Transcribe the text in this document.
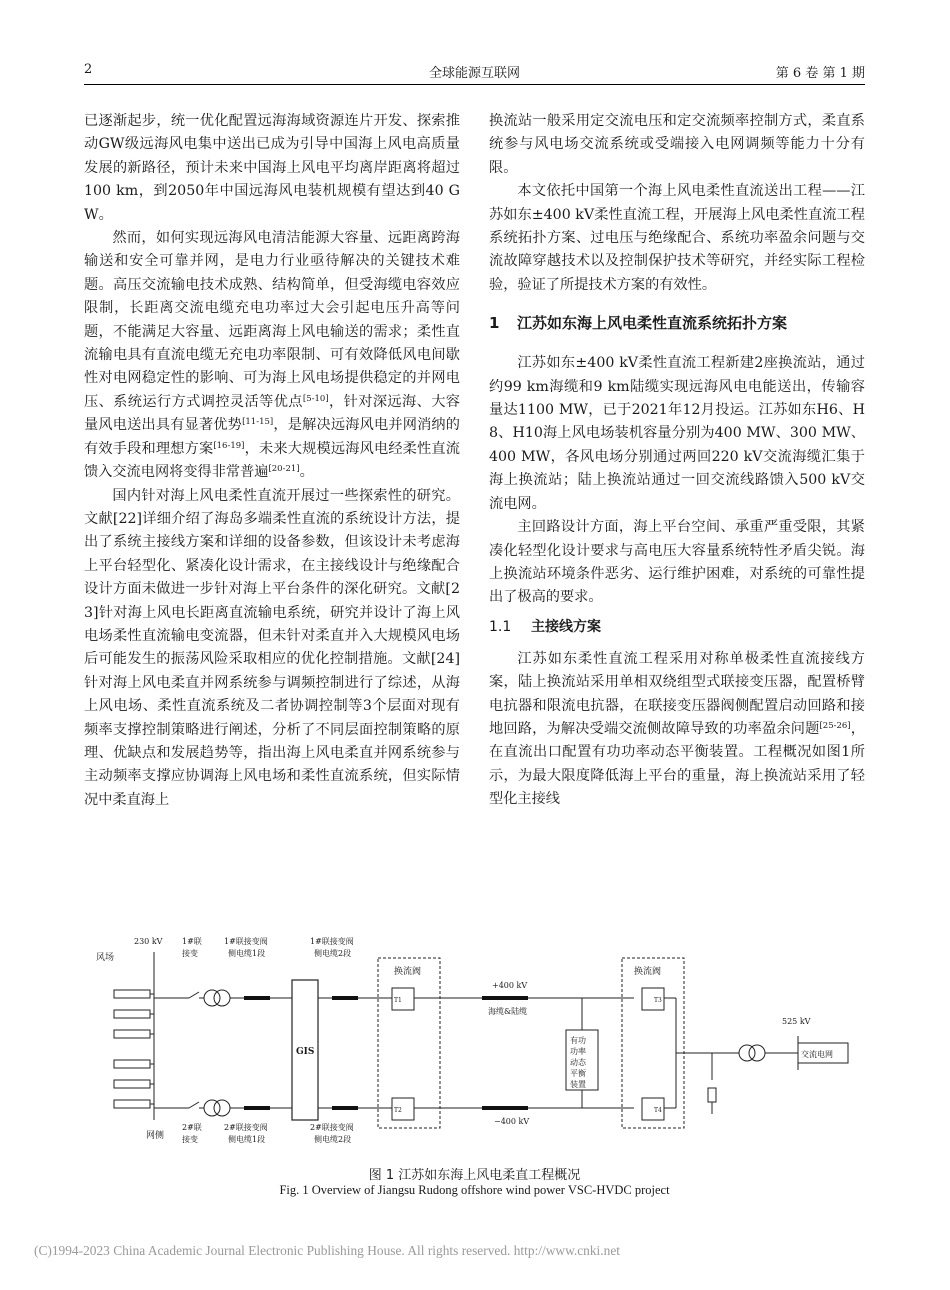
2	全球能源互联网	第 6 卷 第 1 期

已逐渐起步，统一优化配置远海海域资源连片开发、探索推动GW级远海风电集中送出已成为引导中国海上风电高质量发展的新路径，预计未来中国海上风电平均离岸距离将超过100 km，到2050年中国远海风电装机规模有望达到40 GW。

然而，如何实现远海风电清洁能源大容量、远距离跨海输送和安全可靠并网，是电力行业亟待解决的关键技术难题。高压交流输电技术成熟、结构简单，但受海缆电容效应限制，长距离交流电缆充电功率过大会引起电压升高等问题，不能满足大容量、远距离海上风电输送的需求；柔性直流输电具有直流电缆无充电功率限制、可有效降低风电间歇性对电网稳定性的影响、可为海上风电场提供稳定的并网电压、系统运行方式调控灵活等优点[5-10]，针对深远海、大容量风电送出具有显著优势[11-15]，是解决远海风电并网消纳的有效手段和理想方案[16-19]，未来大规模远海风电经柔性直流馈入交流电网将变得非常普遍[20-21]。

国内针对海上风电柔性直流开展过一些探索性的研究。文献[22]详细介绍了海岛多端柔性直流的系统设计方法，提出了系统主接线方案和详细的设备参数，但该设计未考虑海上平台轻型化、紧凑化设计需求，在主接线设计与绝缘配合设计方面未做进一步针对海上平台条件的深化研究。文献[23]针对海上风电长距离直流输电系统，研究并设计了海上风电场柔性直流输电变流器，但未针对柔直并入大规模风电场后可能发生的振荡风险采取相应的优化控制措施。文献[24]针对海上风电柔直并网系统参与调频控制进行了综述，从海上风电场、柔性直流系统及二者协调控制等3个层面对现有频率支撑控制策略进行阐述，分析了不同层面控制策略的原理、优缺点和发展趋势等，指出海上风电柔直并网系统参与主动频率支撑应协调海上风电场和柔性直流系统，但实际情况中柔直海上

换流站一般采用定交流电压和定交流频率控制方式，柔直系统参与风电场交流系统或受端接入电网调频等能力十分有限。

本文依托中国第一个海上风电柔性直流送出工程——江苏如东±400 kV柔性直流工程，开展海上风电柔性直流工程系统拓扑方案、过电压与绝缘配合、系统功率盈余问题与交流故障穿越技术以及控制保护技术等研究，并经实际工程检验，验证了所提技术方案的有效性。

1 江苏如东海上风电柔性直流系统拓扑方案

江苏如东±400 kV柔性直流工程新建2座换流站，通过约99 km海缆和9 km陆缆实现远海风电电能送出，传输容量达1100 MW，已于2021年12月投运。江苏如东H6、H8、H10海上风电场装机容量分别为400 MW、300 MW、400 MW，各风电场分别通过两回220 kV交流海缆汇集于海上换流站；陆上换流站通过一回交流线路馈入500 kV交流电网。

主回路设计方面，海上平台空间、承重严重受限，其紧凑化轻型化设计要求与高电压大容量系统特性矛盾尖锐。海上换流站环境条件恶劣、运行维护困难，对系统的可靠性提出了极高的要求。

1.1 主接线方案

江苏如东柔性直流工程采用对称单极柔性直流接线方案，陆上换流站采用单相双绕组型式联接变压器，配置桥臂电抗器和限流电抗器，在联接变压器阀侧配置启动回路和接地回路，为解决受端交流侧故障导致的功率盈余问题[25-26]，在直流出口配置有功功率动态平衡装置。工程概况如图1所示，为最大限度降低海上平台的重量，海上换流站采用了轻型化主接线

风场
230 kV
网侧
1#联
接变
2#联
接变
1#联接变阀
侧电缆1段
1#联接变阀
侧电缆2段
2#联接变阀
侧电缆1段
2#联接变阀
侧电缆2段
GIS
换流阀	换流阀
+400 kV
海缆&陆缆
−400 kV
有功
功率
动态
平衡
装置
525 kV
交流电网
T1
T2
T3
T4
图 1 江苏如东海上风电柔直工程概况
Fig. 1 Overview of Jiangsu Rudong offshore wind power VSC-HVDC project
(C)1994-2023 China Academic Journal Electronic Publishing House. All rights reserved. http://www.cnki.net
